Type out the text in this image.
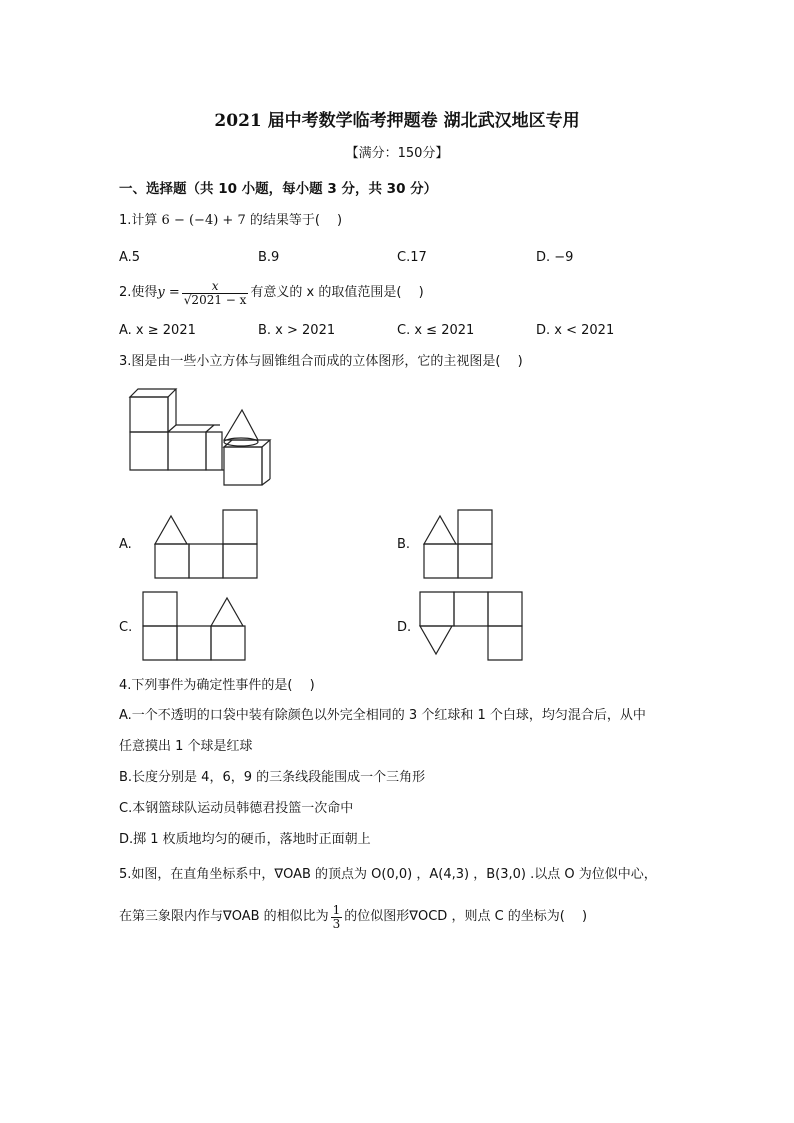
2021 届中考数学临考押题卷 湖北武汉地区专用
【满分：150分】
一、选择题（共 10 小题，每小题 3 分，共 30 分）
1.计算 6 − (−4) + 7 的结果等于(　 )
A.5	B.9	C.17	D. −9
2.使得 $y = \frac{x}{√2021 - x}$ 有意义的 x 的取值范围是(　 )
A. x ≥ 2021	B. x > 2021	C. x ≤ 2021	D. x < 2021
3.图是由一些小立方体与圆锥组合而成的立体图形，它的主视图是(　 )
A.	B.
C.	D.
4.下列事件为确定性事件的是(　 )
A.一个不透明的口袋中装有除颜色以外完全相同的 3 个红球和 1 个白球，均匀混合后，从中
任意摸出 1 个球是红球
B.长度分别是 4，6，9 的三条线段能围成一个三角形
C.本钢篮球队运动员韩德君投篮一次命中
D.掷 1 枚质地均匀的硬币，落地时正面朝上
5.如图，在直角坐标系中，∇OAB 的顶点为 O(0,0) ，A(4,3) ，B(3,0) .以点 O 为位似中心，
在第三象限内作与∇OAB 的相似比为 $\frac{1}{3}$ 的位似图形∇OCD ，则点 C 的坐标为(　 )
